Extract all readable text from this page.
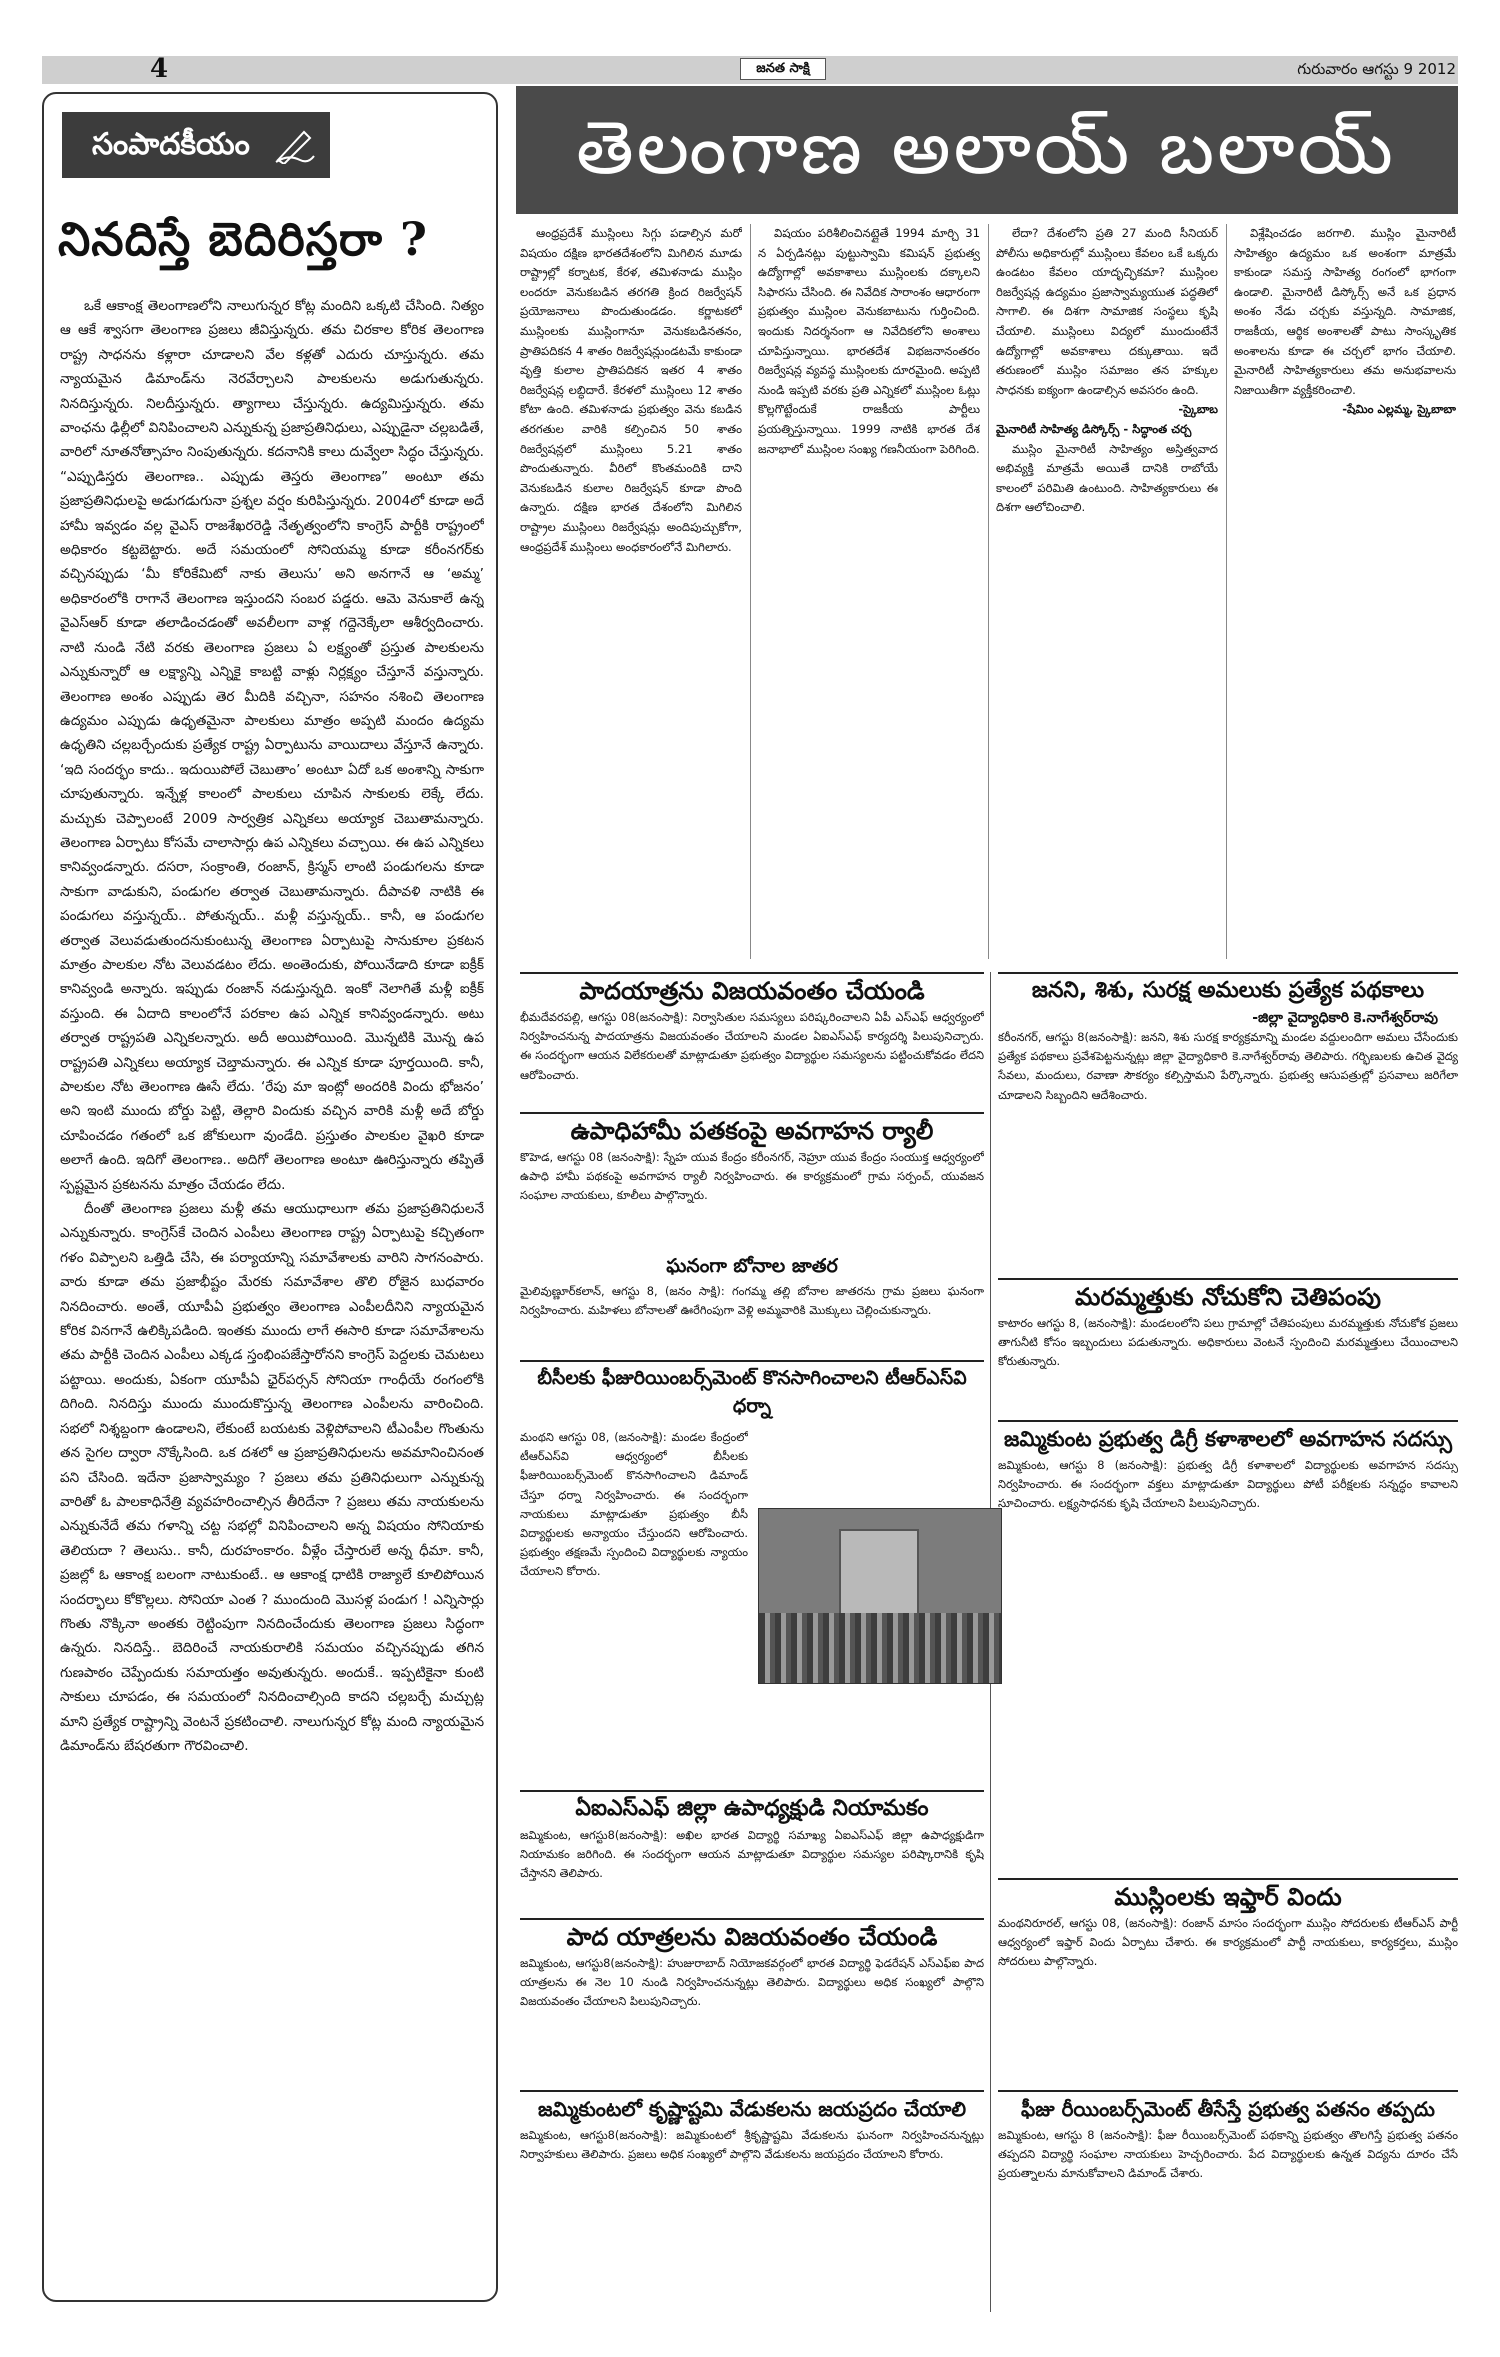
4	జనత సాక్షి	గురువారం ఆగస్టు 9 2012
సంపాదకీయం
నినదిస్తే బెదిరిస్తరా ?

ఒకే ఆకాంక్ష తెలంగాణలోని నాలుగున్నర కోట్ల మందిని ఒక్కటి చేసింది. నిత్యం ఆ ఆకే శ్వాసగా తెలంగాణ ప్రజలు జీవిస్తున్నరు. తమ చిరకాల కోరిక తెలంగాణ రాష్ట్ర సాధనను కళ్లారా చూడాలని వేల కళ్లతో ఎదురు చూస్తున్నరు. తమ న్యాయమైన డిమాండ్‌ను నెరవేర్చాలని పాలకులను అడుగుతున్నరు. నినదిస్తున్నరు. నిలదీస్తున్నరు. త్యాగాలు చేస్తున్నరు. ఉద్యమిస్తున్నరు. తమ వాంఛను ఢిల్లీలో వినిపించాలని ఎన్నుకున్న ప్రజాప్రతినిధులు, ఎప్పుడైనా చల్లబడితే, వారిలో నూతనోత్సాహం నింపుతున్నరు. కదనానికి కాలు దువ్వేలా సిద్ధం చేస్తున్నరు. “ఎప్పుడిస్తరు తెలంగాణ.. ఎప్పుడు తెస్తరు తెలంగాణ” అంటూ తమ ప్రజాప్రతినిధులపై అడుగడుగునా ప్రశ్నల వర్షం కురిపిస్తున్నరు. 2004లో కూడా అదే హామీ ఇవ్వడం వల్ల వైఎస్ రాజశేఖరరెడ్డి నేతృత్వంలోని కాంగ్రెస్ పార్టీకి రాష్ట్రంలో అధికారం కట్టబెట్టారు. అదే సమయంలో సోనియమ్మ కూడా కరీంనగర్‌కు వచ్చినప్పుడు ‘మీ కోరికేమిటో నాకు తెలుసు’ అని అనగానే ఆ ‘అమ్మ’ అధికారంలోకి రాగానే తెలంగాణ ఇస్తుందని సంబర పడ్డరు. ఆమె వెనుకాలే ఉన్న వైఎస్‌ఆర్ కూడా తలాడించడంతో అవలీలగా వాళ్ల గద్దెనెక్కేలా ఆశీర్వదించారు. నాటి నుండి నేటి వరకు తెలంగాణ ప్రజలు ఏ లక్ష్యంతో ప్రస్తుత పాలకులను ఎన్నుకున్నారో ఆ లక్ష్యాన్ని ఎన్నికై కాబట్టి వాళ్లు నిర్లక్ష్యం చేస్తూనే వస్తున్నారు. తెలంగాణ అంశం ఎప్పుడు తెర మీదికి వచ్చినా, సహనం నశించి తెలంగాణ ఉద్యమం ఎప్పుడు ఉధృతమైనా పాలకులు మాత్రం అప్పటి మందం ఉద్యమ ఉధృతిని చల్లబర్చేందుకు ప్రత్యేక రాష్ట్ర ఏర్పాటును వాయిదాలు వేస్తూనే ఉన్నారు. ‘ఇది సందర్భం కాదు.. ఇదుయిపోలే చెబుతాం’ అంటూ ఏదో ఒక అంశాన్ని సాకుగా చూపుతున్నారు. ఇన్నేళ్ల కాలంలో పాలకులు చూపిన సాకులకు లెక్కే లేదు. మచ్చుకు చెప్పాలంటే 2009 సార్వత్రిక ఎన్నికలు అయ్యాక చెబుతామన్నారు. తెలంగాణ ఏర్పాటు కోసమే చాలాసార్లు ఉప ఎన్నికలు వచ్చాయి. ఈ ఉప ఎన్నికలు కానివ్వండన్నారు. దసరా, సంక్రాంతి, రంజాన్, క్రిస్మస్ లాంటి పండుగలను కూడా సాకుగా వాడుకుని, పండుగల తర్వాత చెబుతామన్నారు. దీపావళి నాటికి ఈ పండుగలు వస్తున్నయ్.. పోతున్నయ్.. మళ్లీ వస్తున్నయ్.. కానీ, ఆ పండుగల తర్వాత వెలువడుతుందనుకుంటున్న తెలంగాణ ఏర్పాటుపై సానుకూల ప్రకటన మాత్రం పాలకుల నోట వెలువడటం లేదు. అంతెందుకు, పోయినేడాది కూడా ఐక్రీక్ కానివ్వండి అన్నారు. ఇప్పుడు రంజాన్ నడుస్తున్నది. ఇంకో నెలాగితే మళ్లీ ఐక్రీక్ వస్తుంది. ఈ ఏదాది కాలంలోనే పరకాల ఉప ఎన్నిక కానివ్వండన్నారు. అటు తర్వాత రాష్ట్రపతి ఎన్నికలన్నారు. అదీ అయిపోయింది. మొన్నటికి మొన్న ఉప రాష్ట్రపతి ఎన్నికలు అయ్యాక చెబ్తామన్నారు. ఈ ఎన్నిక కూడా పూర్తయింది. కానీ, పాలకుల నోట తెలంగాణ ఊసే లేదు. ‘రేపు మా ఇంట్లో అందరికి విందు భోజనం’ అని ఇంటి ముందు బోర్డు పెట్టి, తెల్లారి విందుకు వచ్చిన వారికి మళ్లీ అదే బోర్డు చూపించడం గతంలో ఒక జోకులుగా వుండేది. ప్రస్తుతం పాలకుల వైఖరి కూడా అలాగే ఉంది. ఇదిగో తెలంగాణ.. అదిగో తెలంగాణ అంటూ ఊరిస్తున్నారు తప్పితే స్పష్టమైన ప్రకటనను మాత్రం చేయడం లేదు.

దీంతో తెలంగాణ ప్రజలు మళ్లీ తమ ఆయుధాలుగా తమ ప్రజాప్రతినిధులనే ఎన్నుకున్నారు. కాంగ్రెస్‌కే చెందిన ఎంపీలు తెలంగాణ రాష్ట్ర ఏర్పాటుపై కచ్చితంగా గళం విప్పాలని ఒత్తిడి చేసి, ఈ పర్యాయాన్ని సమావేశాలకు వారిని సాగనంపారు. వారు కూడా తమ ప్రజాభీష్టం మేరకు సమావేశాల తొలి రోజైన బుధవారం నినదించారు. అంతే, యూపీఏ ప్రభుత్వం తెలంగాణ ఎంపీలదీనిని న్యాయమైన కోరిక వినగానే ఉలిక్కిపడింది. ఇంతకు ముందు లాగే ఈసారి కూడా సమావేశాలను తమ పార్టీకి చెందిన ఎంపీలు ఎక్కడ స్తంభింపజేస్తారోనని కాంగ్రెస్ పెద్దలకు చెమటలు పట్టాయి. అందుకు, ఏకంగా యూపీఏ ఛైర్‌పర్సన్ సోనియా గాంధీయే రంగంలోకి దిగింది. నినదిస్తు ముందు ముందుకొస్తున్న తెలంగాణ ఎంపీలను వారించింది. సభలో నిశ్శబ్దంగా ఉండాలని, లేకుంటే బయటకు వెళ్లిపోవాలని టీఎంపీల గొంతును తన సైగల ద్వారా నొక్కేసింది. ఒక దశలో ఆ ప్రజాప్రతినిధులను అవమానించినంత పని చేసింది. ఇదేనా ప్రజాస్వామ్యం ? ప్రజలు తమ ప్రతినిధులుగా ఎన్నుకున్న వారితో ఓ పాలకాధినేత్రి వ్యవహరించాల్సిన తీరిదేనా ? ప్రజలు తమ నాయకులను ఎన్నుకునేదే తమ గళాన్ని చట్ట సభల్లో వినిపించాలని అన్న విషయం సోనియాకు తెలియదా ? తెలుసు.. కానీ, దురహంకారం. వీళ్లేం చేస్తారులే అన్న ధీమా. కానీ, ప్రజల్లో ఓ ఆకాంక్ష బలంగా నాటుకుంటే.. ఆ ఆకాంక్ష ధాటికి రాజ్యాలే కూలిపోయిన సందర్భాలు కోకొల్లలు. సోనియా ఎంత ? ముందుంది మొసళ్ల పండుగ ! ఎన్నిసార్లు గొంతు నొక్కినా అంతకు రెట్టింపుగా నినదించేందుకు తెలంగాణ ప్రజలు సిద్ధంగా ఉన్నరు. నినదిస్తే.. బెదిరించే నాయకురాలికి సమయం వచ్చినప్పుడు తగిన గుణపాఠం చెప్పేందుకు సమాయత్తం అవుతున్నరు. అందుకే.. ఇప్పటికైనా కుంటి సాకులు చూపడం, ఈ సమయంలో నినదించాల్సింది కాదని చల్లబర్చే మచ్చుట్ల మాని ప్రత్యేక రాష్ట్రాన్ని వెంటనే ప్రకటించాలి. నాలుగున్నర కోట్ల మంది న్యాయమైన డిమాండ్‌ను బేషరతుగా గౌరవించాలి.

తెలంగాణ అలాయ్ బలాయ్

ఆంధ్రప్రదేశ్ ముస్లింలు సిగ్గు పడాల్సిన మరో విషయం దక్షిణ భారతదేశంలోని మిగిలిన మూడు రాష్ట్రాల్లో కర్నాటక, కేరళ, తమిళనాడు ముస్లిం లందరూ వెనుకబడిన తరగతి క్రింద రిజర్వేషన్ ప్రయోజనాలు పొందుతుండడం. కర్ణాటకలో ముస్లింలకు ముస్లింగానూ వెనుకబడినతనం, ప్రాతిపదికన 4 శాతం రిజర్వేషన్లుండటమే కాకుండా వృత్తి కులాల ప్రాతిపదికన ఇతర 4 శాతం రిజర్వేషన్ల లబ్ధిదారే. కేరళలో ముస్లింలు 12 శాతం కోటా ఉంది. తమిళనాడు ప్రభుత్వం వెను కబడిన తరగతుల వారికి కల్పించిన 50 శాతం రిజర్వేషన్లలో ముస్లింలు 5.21 శాతం పొందుతున్నారు. వీరిలో కొంతమందికి దాని వెనుకబడిన కులాల రిజర్వేషన్ కూడా పొంది ఉన్నారు. దక్షిణ భారత దేశంలోని మిగిలిన రాష్ట్రాల ముస్లింలు రిజర్వేషన్లు అందిపుచ్చుకోగా, ఆంధ్రప్రదేశ్ ముస్లింలు అంధకారంలోనే మిగిలారు.

విషయం పరిశీలించినట్లైతే 1994 మార్చి 31 న ఏర్పడినట్లు పుట్టుస్వామి కమిషన్ ప్రభుత్వ ఉద్యోగాల్లో అవకాశాలు ముస్లింలకు దక్కాలని సిఫారసు చేసింది. ఈ నివేదిక సారాంశం ఆధారంగా ప్రభుత్వం ముస్లింల వెనుకబాటును గుర్తించింది. ఇందుకు నిదర్శనంగా ఆ నివేదికలోని అంశాలు చూపిస్తున్నాయి. భారతదేశ విభజనానంతరం రిజర్వేషన్ల వ్యవస్థ ముస్లింలకు దూరమైంది. అప్పటి నుండి ఇప్పటి వరకు ప్రతి ఎన్నికలో ముస్లింల ఓట్లు కొల్లగొట్టేందుకే రాజకీయ పార్టీలు ప్రయత్నిస్తున్నాయి. 1999 నాటికి భారత దేశ జనాభాలో ముస్లింల సంఖ్య గణనీయంగా పెరిగింది.

లేదా? దేశంలోని ప్రతి 27 మంది సీనియర్ పోలీసు అధికారుల్లో ముస్లింలు కేవలం ఒకే ఒక్కరు ఉండటం కేవలం యాదృచ్ఛికమా? ముస్లింల రిజర్వేషన్ల ఉద్యమం ప్రజాస్వామ్యయుత పద్ధతిలో సాగాలి. ఈ దిశగా సామాజిక సంస్థలు కృషి చేయాలి. ముస్లింలు విద్యలో ముందుంటేనే ఉద్యోగాల్లో అవకాశాలు దక్కుతాయి. ఇదే తరుణంలో ముస్లిం సమాజం తన హక్కుల సాధనకు ఐక్యంగా ఉండాల్సిన అవసరం ఉంది.

-స్కైబాబ
మైనారిటీ సాహిత్య డిస్కోర్స్ - సిద్ధాంత చర్చ

ముస్లిం మైనారిటీ సాహిత్యం అస్తిత్వవాద అభివ్యక్తి మాత్రమే అయితే దానికి రాబోయే కాలంలో పరిమితి ఉంటుంది. సాహిత్యకారులు ఈ దిశగా ఆలోచించాలి.

విశ్లేషించడం జరగాలి. ముస్లిం మైనారిటీ సాహిత్యం ఉద్యమం ఒక అంశంగా మాత్రమే కాకుండా సమస్త సాహిత్య రంగంలో భాగంగా ఉండాలి. మైనారిటీ డిస్కోర్స్ అనే ఒక ప్రధాన అంశం నేడు చర్చకు వస్తున్నది. సామాజిక, రాజకీయ, ఆర్థిక అంశాలతో పాటు సాంస్కృతిక అంశాలను కూడా ఈ చర్చలో భాగం చేయాలి. మైనారిటీ సాహిత్యకారులు తమ అనుభవాలను నిజాయితీగా వ్యక్తీకరించాలి.

-షేమిం ఎల్లమ్మ, స్కైబాబా
పాదయాత్రను విజయవంతం చేయండి
భీమదేవరపల్లి, ఆగస్టు 08(జనంసాక్షి): నిర్వాసితుల సమస్యలు పరిష్కరించాలని ఏపీ ఎస్‌ఎఫ్ ఆధ్వర్యంలో నిర్వహించనున్న పాదయాత్రను విజయవంతం చేయాలని మండల ఏఐఎస్‌ఎఫ్ కార్యదర్శి పిలుపునిచ్చారు. ఈ సందర్భంగా ఆయన విలేకరులతో మాట్లాడుతూ ప్రభుత్వం విద్యార్థుల సమస్యలను పట్టించుకోవడం లేదని ఆరోపించారు.
ఉపాధిహామీ పతకంపై అవగాహన ర్యాలీ
కొహెడ, ఆగస్టు 08 (జనంసాక్షి): స్నేహ యువ కేంద్రం కరీంనగర్, నెహ్రూ యువ కేంద్రం సంయుక్త ఆధ్వర్యంలో ఉపాధి హామీ పథకంపై అవగాహన ర్యాలీ నిర్వహించారు. ఈ కార్యక్రమంలో గ్రామ సర్పంచ్, యువజన సంఘాల నాయకులు, కూలీలు పాల్గొన్నారు.
ఘనంగా బోనాల జాతర
మైలివుణ్ణూర్‌కలాన్, ఆగస్టు 8, (జనం సాక్షి): గంగమ్మ తల్లి బోనాల జాతరను గ్రామ ప్రజలు ఘనంగా నిర్వహించారు. మహిళలు బోనాలతో ఊరేగింపుగా వెళ్లి అమ్మవారికి మొక్కులు చెల్లించుకున్నారు.
బీసీలకు ఫీజురియింబర్స్‌మెంట్ కొనసాగించాలని టీఆర్‌ఎస్‌వి ధర్నా
మంథని ఆగస్టు 08, (జనంసాక్షి): మండల కేంద్రంలో టీఆర్‌ఎస్‌వి ఆధ్వర్యంలో బీసీలకు ఫీజురియింబర్స్‌మెంట్ కొనసాగించాలని డిమాండ్ చేస్తూ ధర్నా నిర్వహించారు. ఈ సందర్భంగా నాయకులు మాట్లాడుతూ ప్రభుత్వం బీసీ విద్యార్థులకు అన్యాయం చేస్తుందని ఆరోపించారు. ప్రభుత్వం తక్షణమే స్పందించి విద్యార్థులకు న్యాయం చేయాలని కోరారు.
ఏఐఎస్‌ఎఫ్ జిల్లా ఉపాధ్యక్షుడి నియామకం
జమ్మికుంట, ఆగస్టు8(జనంసాక్షి): అఖిల భారత విద్యార్థి సమాఖ్య ఏఐఎస్‌ఎఫ్ జిల్లా ఉపాధ్యక్షుడిగా నియామకం జరిగింది. ఈ సందర్భంగా ఆయన మాట్లాడుతూ విద్యార్థుల సమస్యల పరిష్కారానికి కృషి చేస్తానని తెలిపారు.
పాద యాత్రలను విజయవంతం చేయండి
జమ్మికుంట, ఆగస్టు8(జనంసాక్షి): హుజురాబాద్ నియోజకవర్గంలో భారత విద్యార్థి ఫెడరేషన్ ఎస్‌ఎఫ్‌ఐ పాద యాత్రలను ఈ నెల 10 నుండి నిర్వహించనున్నట్లు తెలిపారు. విద్యార్థులు అధిక సంఖ్యలో పాల్గొని విజయవంతం చేయాలని పిలుపునిచ్చారు.
జమ్మికుంటలో కృష్ణాష్టమి వేడుకలను జయప్రదం చేయాలి
జమ్మికుంట, ఆగస్టు8(జనంసాక్షి): జమ్మికుంటలో శ్రీకృష్ణాష్టమి వేడుకలను ఘనంగా నిర్వహించనున్నట్లు నిర్వాహకులు తెలిపారు. ప్రజలు అధిక సంఖ్యలో పాల్గొని వేడుకలను జయప్రదం చేయాలని కోరారు.
జనని, శిశు, సురక్ష అమలుకు ప్రత్యేక పథకాలు
-జిల్లా వైద్యాధికారి కె.నాగేశ్వర్‌రావు
కరీంనగర్, ఆగస్టు 8(జనంసాక్షి): జనని, శిశు సురక్ష కార్యక్రమాన్ని మండల వద్దులందిగా అమలు చేసేందుకు ప్రత్యేక పథకాలు ప్రవేశపెట్టనున్నట్లు జిల్లా వైద్యాధికారి కె.నాగేశ్వర్‌రావు తెలిపారు. గర్భిణులకు ఉచిత వైద్య సేవలు, మందులు, రవాణా సౌకర్యం కల్పిస్తామని పేర్కొన్నారు. ప్రభుత్వ ఆసుపత్రుల్లో ప్రసవాలు జరిగేలా చూడాలని సిబ్బందిని ఆదేశించారు.
మరమ్మత్తుకు నోచుకోని చెతిపంపు
కాటారం ఆగస్టు 8, (జనంసాక్షి): మండలంలోని పలు గ్రామాల్లో చేతిపంపులు మరమ్మత్తుకు నోచుకోక ప్రజలు తాగునీటి కోసం ఇబ్బందులు పడుతున్నారు. అధికారులు వెంటనే స్పందించి మరమ్మత్తులు చేయించాలని కోరుతున్నారు.
జమ్మికుంట ప్రభుత్వ డిగ్రీ కళాశాలలో అవగాహన సదస్సు
జమ్మికుంట, ఆగస్టు 8 (జనంసాక్షి): ప్రభుత్వ డిగ్రీ కళాశాలలో విద్యార్థులకు అవగాహన సదస్సు నిర్వహించారు. ఈ సందర్భంగా వక్తలు మాట్లాడుతూ విద్యార్థులు పోటీ పరీక్షలకు సన్నద్ధం కావాలని సూచించారు. లక్ష్యసాధనకు కృషి చేయాలని పిలుపునిచ్చారు.
ముస్లింలకు ఇఫ్తార్ విందు
మంథనిరూరల్, ఆగస్టు 08, (జనంసాక్షి): రంజాన్ మాసం సందర్భంగా ముస్లిం సోదరులకు టీఆర్‌ఎస్ పార్టీ ఆధ్వర్యంలో ఇఫ్తార్ విందు ఏర్పాటు చేశారు. ఈ కార్యక్రమంలో పార్టీ నాయకులు, కార్యకర్తలు, ముస్లిం సోదరులు పాల్గొన్నారు.
ఫీజు రీయింబర్స్‌మెంట్ తీసేస్తే ప్రభుత్వ పతనం తప్పదు
జమ్మికుంట, ఆగస్టు 8 (జనంసాక్షి): ఫీజు రీయింబర్స్‌మెంట్ పథకాన్ని ప్రభుత్వం తొలగిస్తే ప్రభుత్వ పతనం తప్పదని విద్యార్థి సంఘాల నాయకులు హెచ్చరించారు. పేద విద్యార్థులకు ఉన్నత విద్యను దూరం చేసే ప్రయత్నాలను మానుకోవాలని డిమాండ్ చేశారు.
